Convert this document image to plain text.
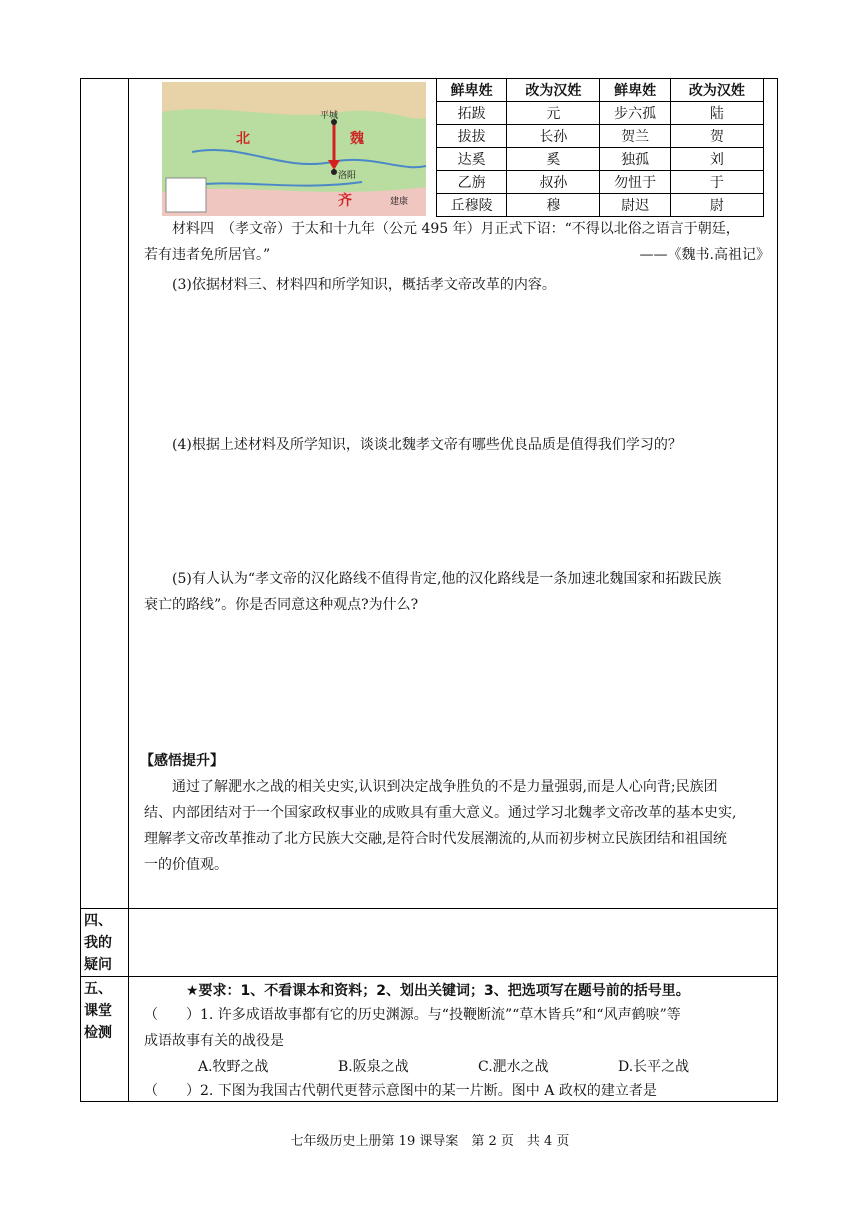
北	魏
平城
洛阳
齐	建康
鲜卑姓	改为汉姓	鲜卑姓	改为汉姓
拓跋	元	步六孤	陆
拔拔	长孙	贺兰	贺
达奚	奚	独孤	刘
乙旃	叔孙	勿忸于	于
丘穆陵	穆	尉迟	尉
材料四　（孝文帝）于太和十九年（公元 495 年）月正式下诏：“不得以北俗之语言于朝廷，
若有违者免所居官。”	——《魏书.高祖记》
(3)依据材料三、材料四和所学知识，概括孝文帝改革的内容。
(4)根据上述材料及所学知识，谈谈北魏孝文帝有哪些优良品质是值得我们学习的？
(5)有人认为“孝文帝的汉化路线不值得肯定,他的汉化路线是一条加速北魏国家和拓跋民族
衰亡的路线”。你是否同意这种观点?为什么?
【感悟提升】
通过了解淝水之战的相关史实,认识到决定战争胜负的不是力量强弱,而是人心向背;民族团
结、内部团结对于一个国家政权事业的成败具有重大意义。通过学习北魏孝文帝改革的基本史实,
理解孝文帝改革推动了北方民族大交融,是符合时代发展潮流的,从而初步树立民族团结和祖国统
一的价值观。
四、
我的
疑问
五、
课堂
检测
★要求：1、不看课本和资料；2、划出关键词；3、把选项写在题号前的括号里。
（　　）1. 许多成语故事都有它的历史渊源。与“投鞭断流”“草木皆兵”和“风声鹤唳”等
成语故事有关的战役是
A.牧野之战	B.阪泉之战	C.淝水之战	D.长平之战
（　　）2. 下图为我国古代朝代更替示意图中的某一片断。图中 A 政权的建立者是
七年级历史上册第 19 课导案　第 2 页　共 4 页
